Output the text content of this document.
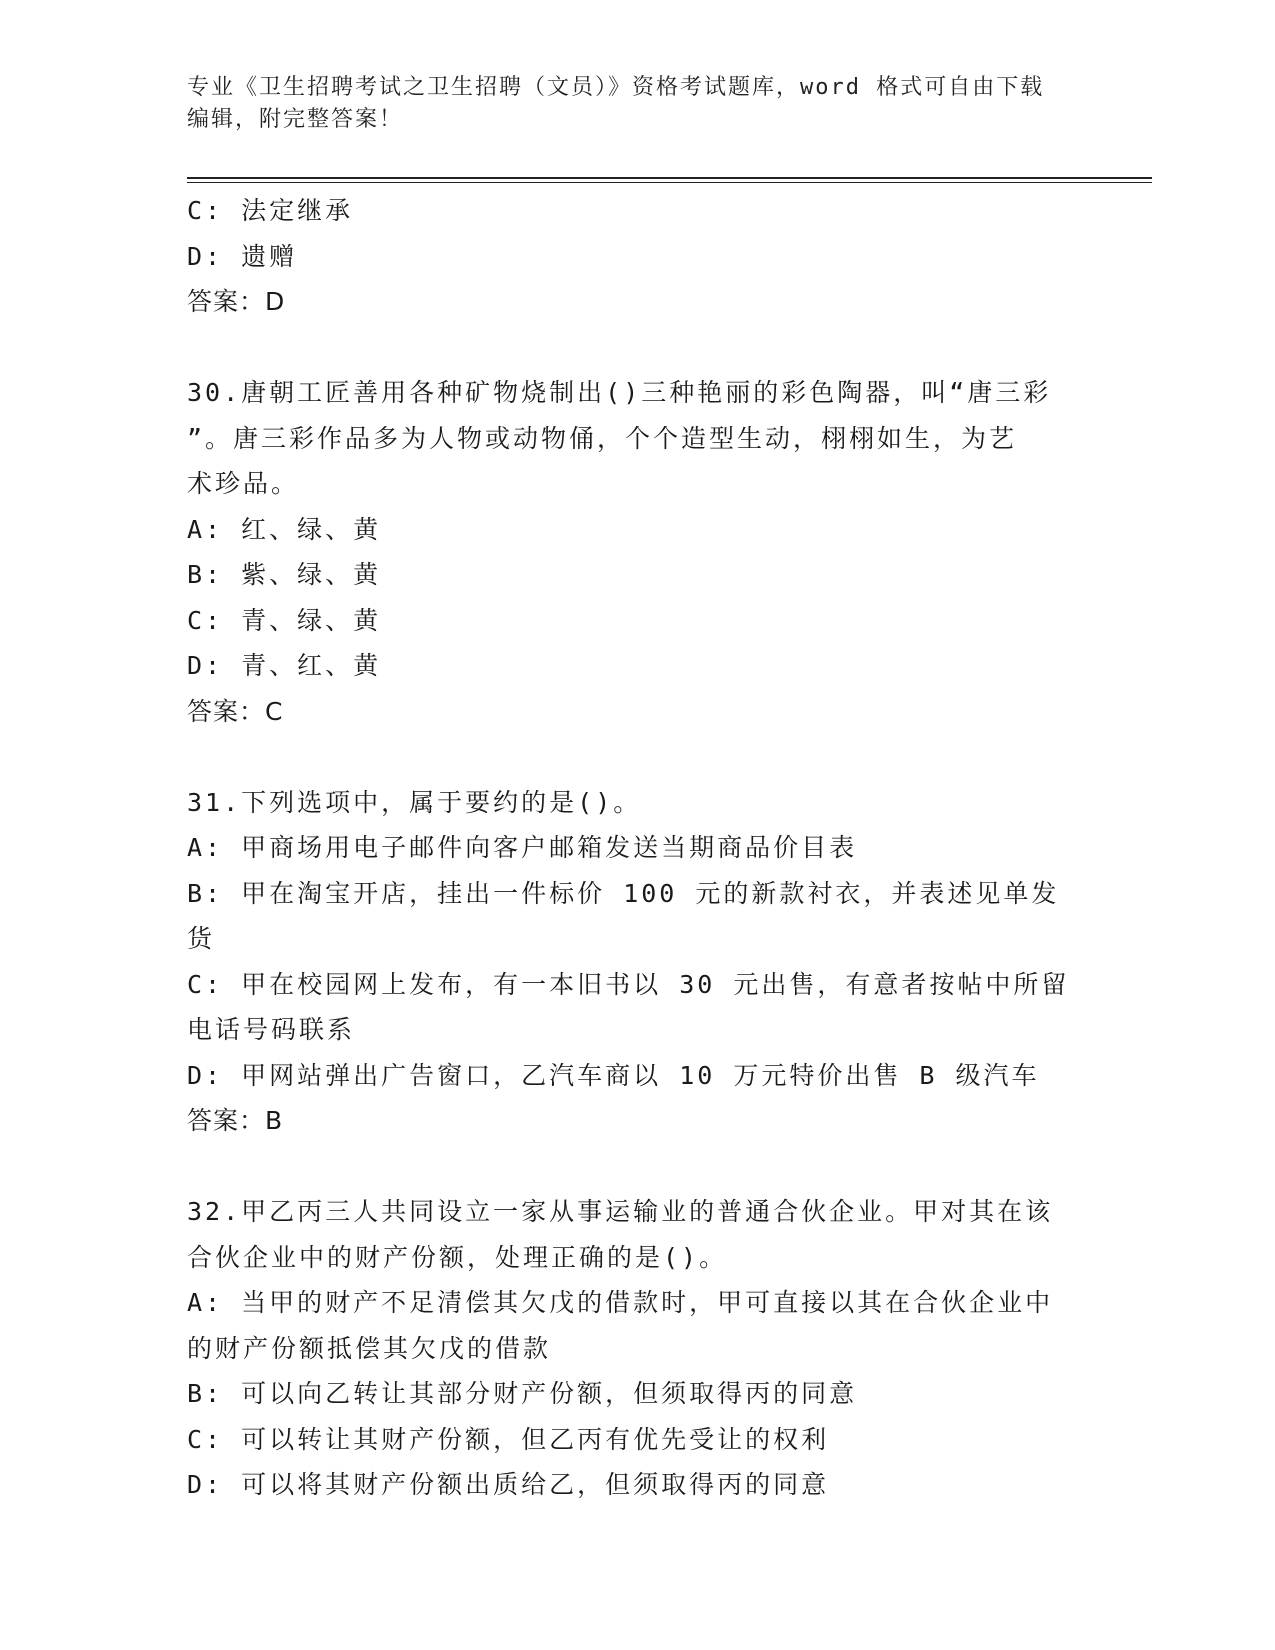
专业《卫生招聘考试之卫生招聘（文员）》资格考试题库，word 格式可自由下载
编辑，附完整答案！
C: 法定继承
D: 遗赠
答案：D
30.唐朝工匠善用各种矿物烧制出()三种艳丽的彩色陶器，叫“唐三彩
”。唐三彩作品多为人物或动物俑，个个造型生动，栩栩如生，为艺
术珍品。
A: 红、绿、黄
B: 紫、绿、黄
C: 青、绿、黄
D: 青、红、黄
答案：C
31.下列选项中，属于要约的是()。
A: 甲商场用电子邮件向客户邮箱发送当期商品价目表
B: 甲在淘宝开店，挂出一件标价 100 元的新款衬衣，并表述见单发货
C: 甲在校园网上发布，有一本旧书以 30 元出售，有意者按帖中所留
电话号码联系
D: 甲网站弹出广告窗口，乙汽车商以 10 万元特价出售 B 级汽车
答案：B
32.甲乙丙三人共同设立一家从事运输业的普通合伙企业。甲对其在该
合伙企业中的财产份额，处理正确的是()。
A: 当甲的财产不足清偿其欠戊的借款时，甲可直接以其在合伙企业中
的财产份额抵偿其欠戊的借款
B: 可以向乙转让其部分财产份额，但须取得丙的同意
C: 可以转让其财产份额，但乙丙有优先受让的权利
D: 可以将其财产份额出质给乙，但须取得丙的同意
